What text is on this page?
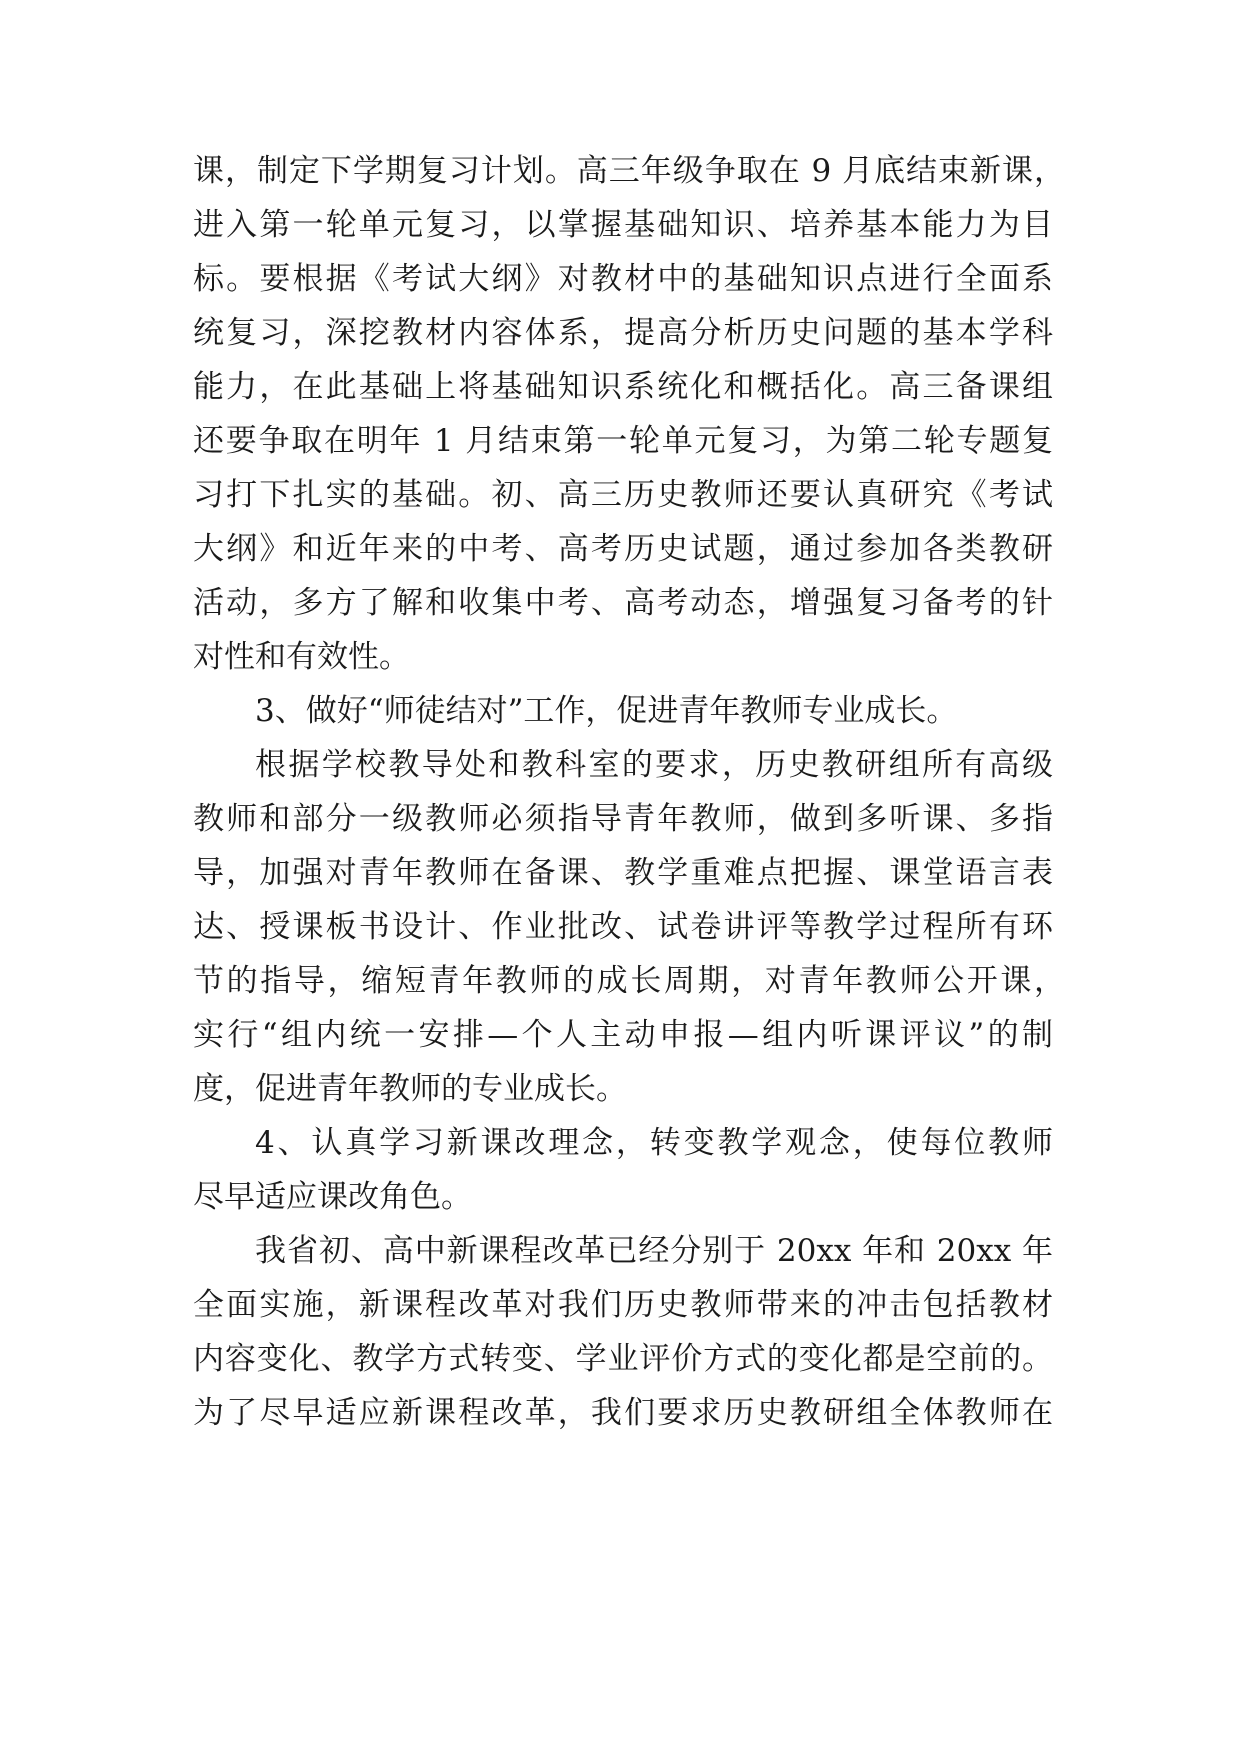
课，制定下学期复习计划。高三年级争取在 9 月底结束新课，

进入第一轮单元复习，以掌握基础知识、培养基本能力为目

标。要根据《考试大纲》对教材中的基础知识点进行全面系

统复习，深挖教材内容体系，提高分析历史问题的基本学科

能力，在此基础上将基础知识系统化和概括化。高三备课组

还要争取在明年 1 月结束第一轮单元复习，为第二轮专题复

习打下扎实的基础。初、高三历史教师还要认真研究《考试

大纲》和近年来的中考、高考历史试题，通过参加各类教研

活动，多方了解和收集中考、高考动态，增强复习备考的针

对性和有效性。

3、做好“师徒结对”工作，促进青年教师专业成长。

根据学校教导处和教科室的要求，历史教研组所有高级

教师和部分一级教师必须指导青年教师，做到多听课、多指

导，加强对青年教师在备课、教学重难点把握、课堂语言表

达、授课板书设计、作业批改、试卷讲评等教学过程所有环

节的指导，缩短青年教师的成长周期，对青年教师公开课，

实行“组内统一安排—个人主动申报—组内听课评议”的制

度，促进青年教师的专业成长。

4、认真学习新课改理念，转变教学观念，使每位教师

尽早适应课改角色。

我省初、高中新课程改革已经分别于 20xx 年和 20xx 年

全面实施，新课程改革对我们历史教师带来的冲击包括教材

内容变化、教学方式转变、学业评价方式的变化都是空前的。

为了尽早适应新课程改革，我们要求历史教研组全体教师在
